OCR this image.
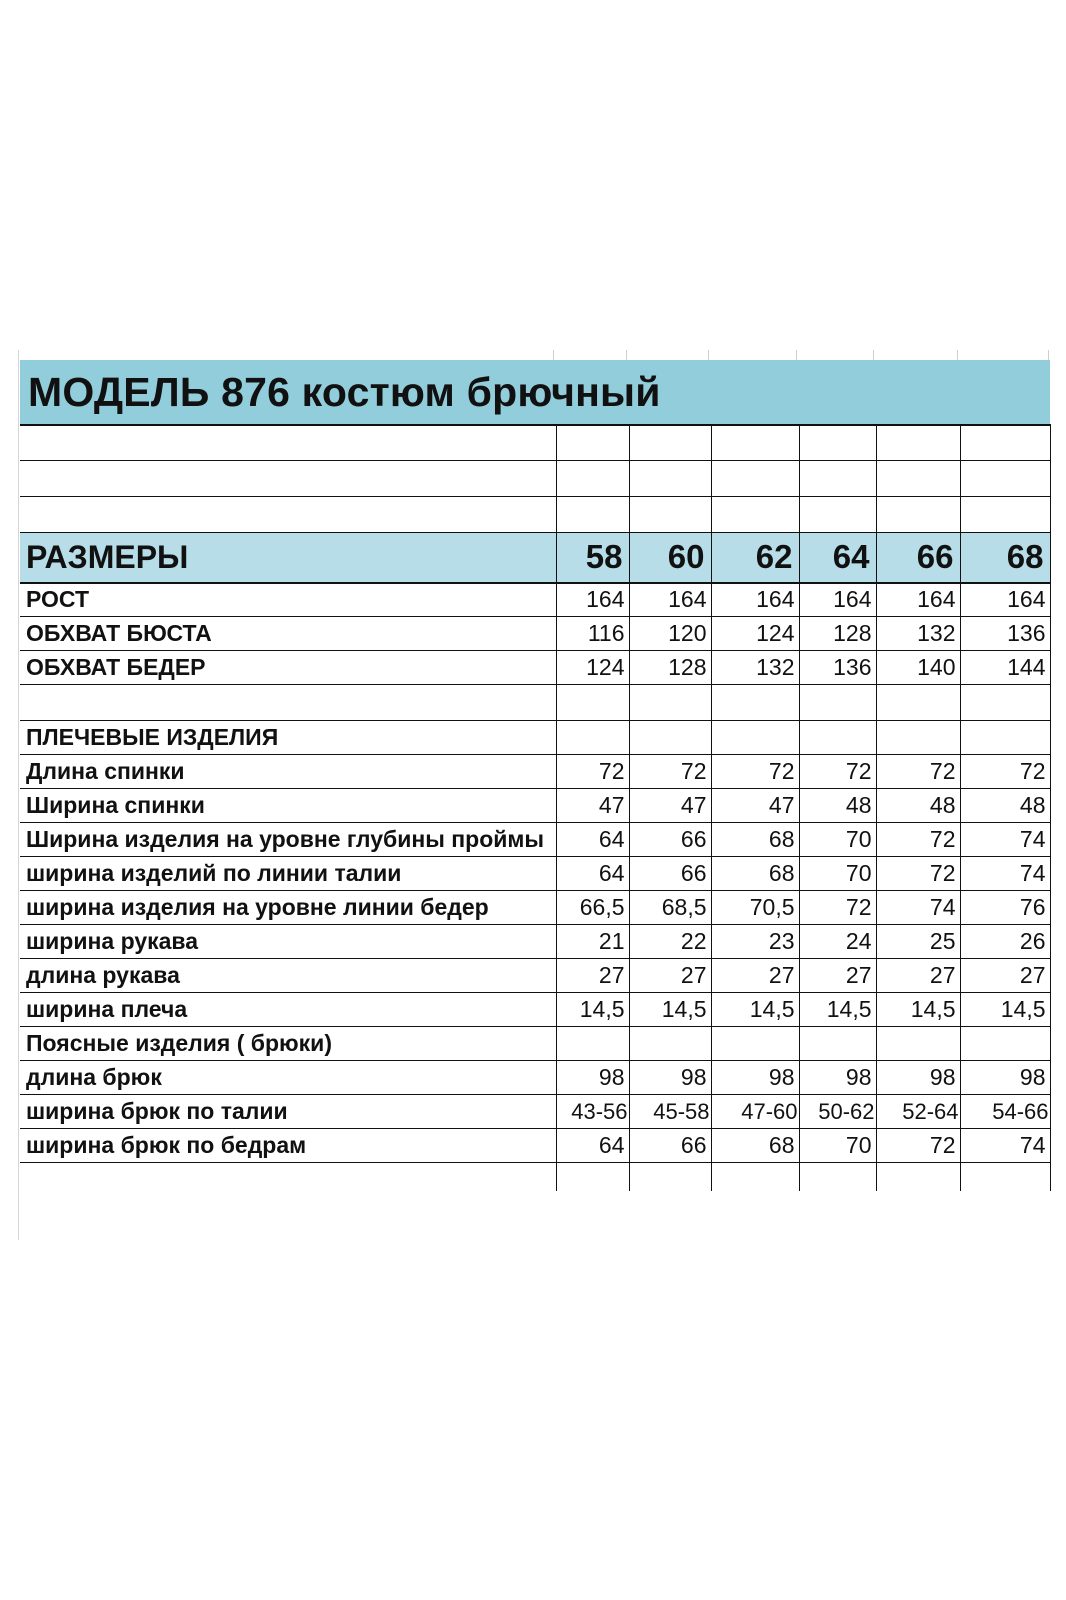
МОДЕЛЬ 876 костюм брючный

РАЗМЕРЫ	58	60	62	64	66	68
РОСТ	164	164	164	164	164	164
ОБХВАТ БЮСТА	116	120	124	128	132	136
ОБХВАТ БЕДЕР	124	128	132	136	140	144

ПЛЕЧЕВЫЕ ИЗДЕЛИЯ						
Длина спинки	72	72	72	72	72	72
Ширина спинки	47	47	47	48	48	48
Ширина изделия на уровне глубины проймы	64	66	68	70	72	74
ширина изделий по линии талии	64	66	68	70	72	74
ширина изделия на уровне линии бедер	66,5	68,5	70,5	72	74	76
ширина рукава	21	22	23	24	25	26
длина рукава	27	27	27	27	27	27
ширина плеча	14,5	14,5	14,5	14,5	14,5	14,5
Поясные изделия ( брюки)						
длина брюк	98	98	98	98	98	98
ширина брюк по талии	43-56	45-58	47-60	50-62	52-64	54-66
ширина брюк по бедрам	64	66	68	70	72	74
